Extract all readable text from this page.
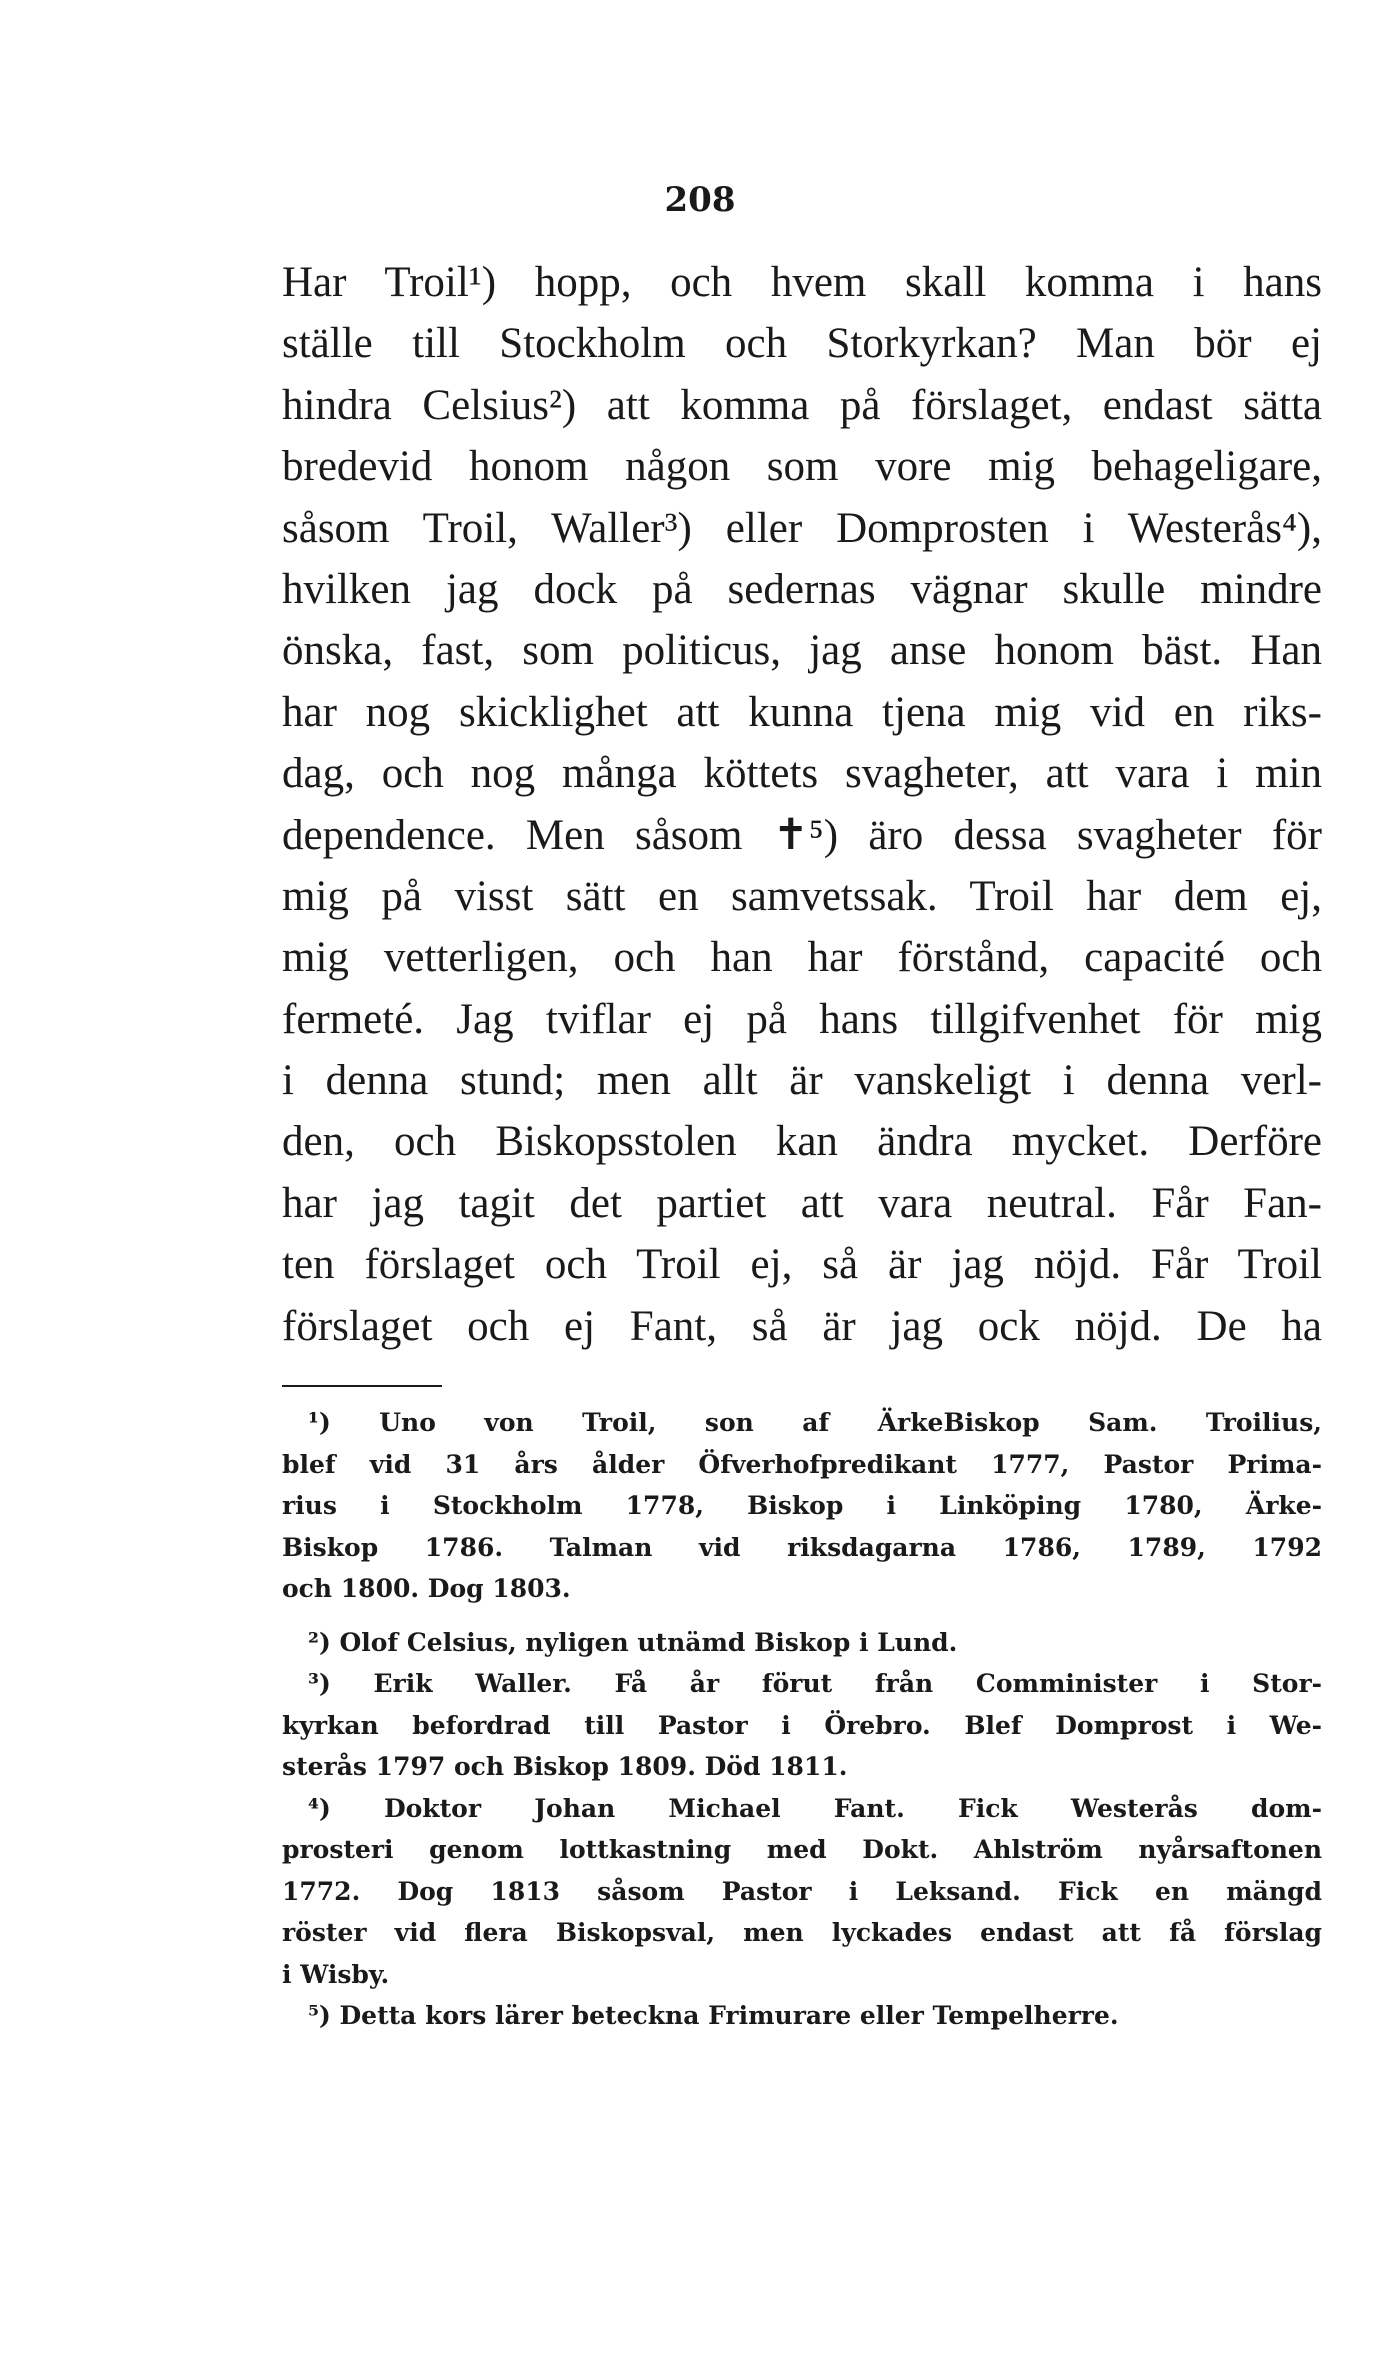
208
Har Troil¹) hopp, och hvem skall komma i hans
ställe till Stockholm och Storkyrkan? Man bör ej
hindra Celsius²) att komma på förslaget, endast sätta
bredevid honom någon som vore mig behageligare,
såsom Troil, Waller³) eller Domprosten i Westerås⁴),
hvilken jag dock på sedernas vägnar skulle mindre
önska, fast, som politicus, jag anse honom bäst. Han
har nog skicklighet att kunna tjena mig vid en riks-
dag, och nog många köttets svagheter, att vara i min
dependence. Men såsom ✝⁵) äro dessa svagheter för
mig på visst sätt en samvetssak. Troil har dem ej,
mig vetterligen, och han har förstånd, capacité och
fermeté. Jag tviflar ej på hans tillgifvenhet för mig
i denna stund; men allt är vanskeligt i denna verl-
den, och Biskopsstolen kan ändra mycket. Derföre
har jag tagit det partiet att vara neutral. Får Fan-
ten förslaget och Troil ej, så är jag nöjd. Får Troil
förslaget och ej Fant, så är jag ock nöjd. De ha
¹) Uno von Troil, son af ÄrkeBiskop Sam. Troilius,
blef vid 31 års ålder Öfverhofpredikant 1777, Pastor Prima-
rius i Stockholm 1778, Biskop i Linköping 1780, Ärke-
Biskop 1786. Talman vid riksdagarna 1786, 1789, 1792
och 1800. Dog 1803.
²) Olof Celsius, nyligen utnämd Biskop i Lund.
³) Erik Waller. Få år förut från Comminister i Stor-
kyrkan befordrad till Pastor i Örebro. Blef Domprost i We-
sterås 1797 och Biskop 1809. Död 1811.
⁴) Doktor Johan Michael Fant. Fick Westerås dom-
prosteri genom lottkastning med Dokt. Ahlström nyårsaftonen
1772. Dog 1813 såsom Pastor i Leksand. Fick en mängd
röster vid flera Biskopsval, men lyckades endast att få förslag
i Wisby.
⁵) Detta kors lärer beteckna Frimurare eller Tempelherre.
